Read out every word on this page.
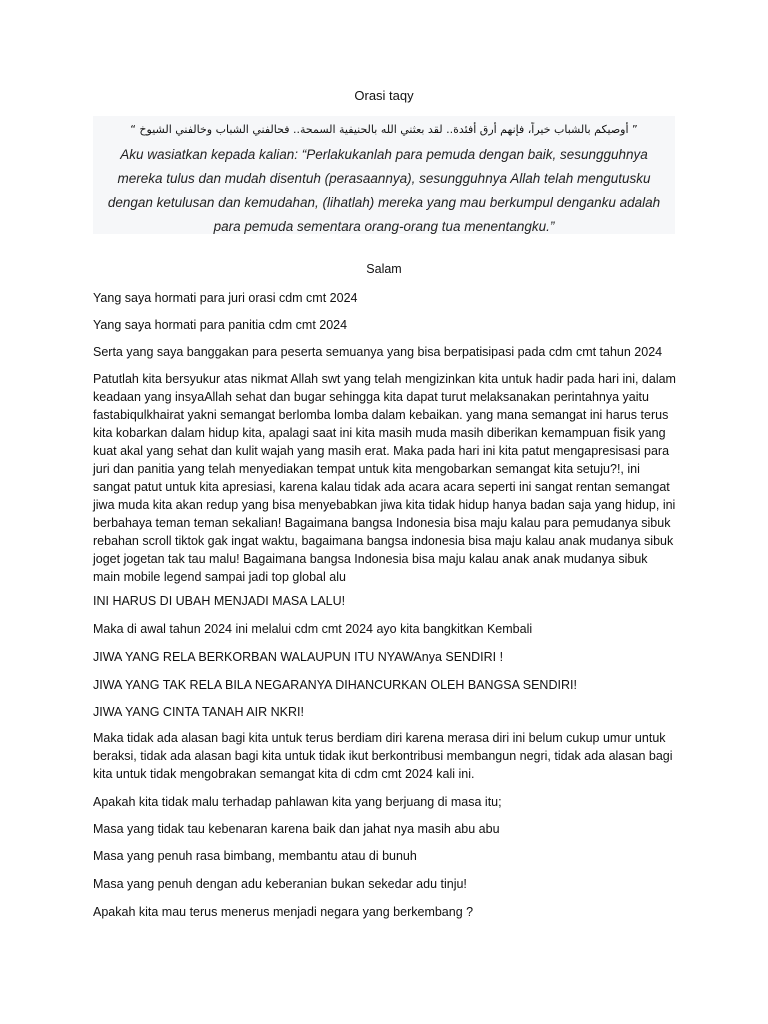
Orasi taqy
” أوصيكم بالشباب خيراً، فإنهم أرق أفئدة.. لقد بعثني الله بالحنيفية السمحة.. فحالفني الشباب وخالفني الشيوخ “
Aku wasiatkan kepada kalian: “Perlakukanlah para pemuda dengan baik, sesungguhnya mereka tulus dan mudah disentuh (perasaannya), sesungguhnya Allah telah mengutusku dengan ketulusan dan kemudahan, (lihatlah) mereka yang mau berkumpul denganku adalah para pemuda sementara orang-orang tua menentangku.”
Salam

Yang saya hormati para juri orasi cdm cmt 2024

Yang saya hormati para panitia cdm cmt 2024

Serta yang saya banggakan para peserta semuanya yang bisa berpatisipasi pada cdm cmt tahun 2024

Patutlah kita bersyukur atas nikmat Allah swt yang telah mengizinkan kita untuk hadir pada hari ini, dalam keadaan yang insyaAllah sehat dan bugar sehingga kita dapat turut melaksanakan perintahnya yaitu fastabiqulkhairat yakni semangat berlomba lomba dalam kebaikan. yang mana semangat ini harus terus kita kobarkan dalam hidup kita, apalagi saat ini kita masih muda masih diberikan kemampuan fisik yang kuat akal yang sehat dan kulit wajah yang masih erat. Maka pada hari ini kita patut mengapresisasi para juri dan panitia yang telah menyediakan tempat untuk kita mengobarkan semangat kita setuju?!, ini sangat patut untuk kita apresiasi, karena kalau tidak ada acara acara seperti ini sangat rentan semangat jiwa muda kita akan redup yang bisa menyebabkan jiwa kita tidak hidup hanya badan saja yang hidup, ini berbahaya teman teman sekalian! Bagaimana bangsa Indonesia bisa maju kalau para pemudanya sibuk rebahan scroll tiktok gak ingat waktu, bagaimana bangsa indonesia bisa maju kalau anak mudanya sibuk joget jogetan tak tau malu! Bagaimana bangsa Indonesia bisa maju kalau anak anak mudanya sibuk main mobile legend sampai jadi top global alu

INI HARUS DI UBAH MENJADI MASA LALU!

Maka di awal tahun 2024 ini melalui cdm cmt 2024 ayo kita bangkitkan Kembali

JIWA YANG RELA BERKORBAN WALAUPUN ITU NYAWAnya SENDIRI !

JIWA YANG TAK RELA BILA NEGARANYA DIHANCURKAN OLEH BANGSA SENDIRI!

JIWA YANG CINTA TANAH AIR NKRI!

Maka tidak ada alasan bagi kita untuk terus berdiam diri karena merasa diri ini belum cukup umur untuk beraksi, tidak ada alasan bagi kita untuk tidak ikut berkontribusi membangun negri, tidak ada alasan bagi kita untuk tidak mengobrakan semangat kita di cdm cmt 2024 kali ini.

Apakah kita tidak malu terhadap pahlawan kita yang berjuang di masa itu;

Masa yang tidak tau kebenaran karena baik dan jahat nya masih abu abu

Masa yang penuh rasa bimbang, membantu atau di bunuh

Masa yang penuh dengan adu keberanian bukan sekedar adu tinju!

Apakah kita mau terus menerus menjadi negara yang berkembang ?
